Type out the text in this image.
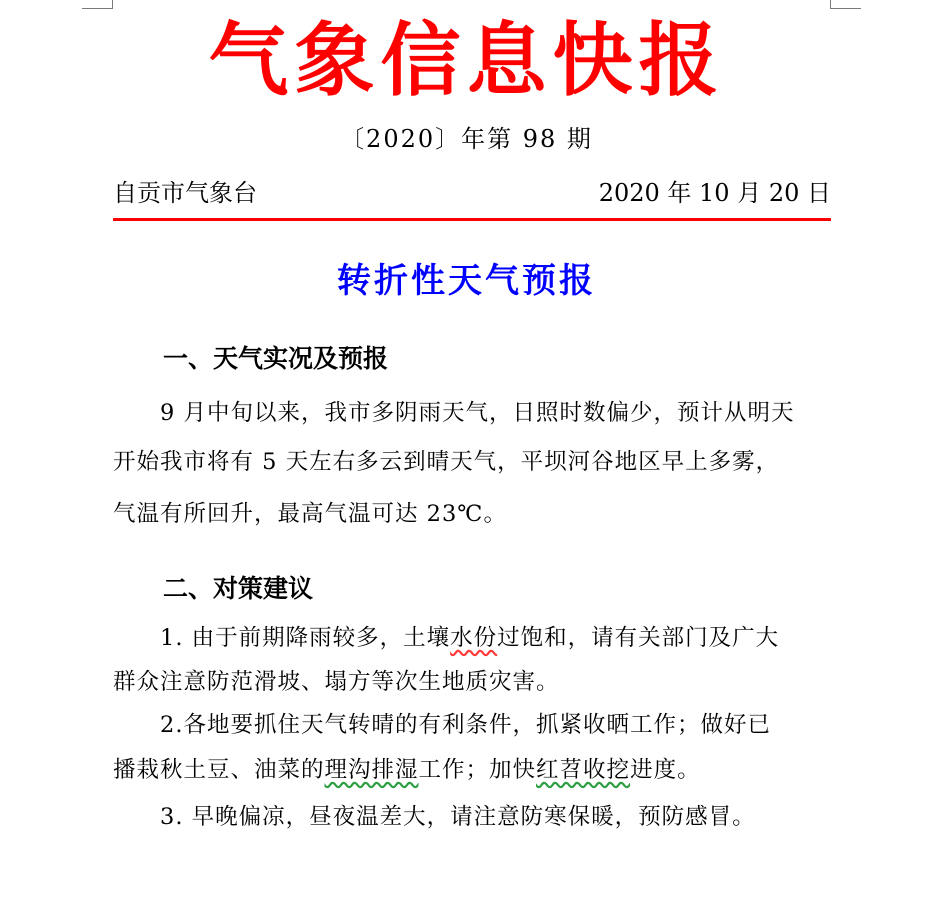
气象信息快报
〔2020〕年第 98 期
自贡市气象台	2020 年 10 月 20 日
转折性天气预报
一、天气实况及预报
9 月中旬以来，我市多阴雨天气，日照时数偏少，预计从明天
开始我市将有 5 天左右多云到晴天气，平坝河谷地区早上多雾，
气温有所回升，最高气温可达 23℃。
二、对策建议
1. 由于前期降雨较多，土壤水份过饱和，请有关部门及广大
群众注意防范滑坡、塌方等次生地质灾害。
2.各地要抓住天气转晴的有利条件，抓紧收晒工作；做好已
播栽秋土豆、油菜的理沟排湿工作；加快红苕收挖进度。
3. 早晚偏凉，昼夜温差大，请注意防寒保暖，预防感冒。
